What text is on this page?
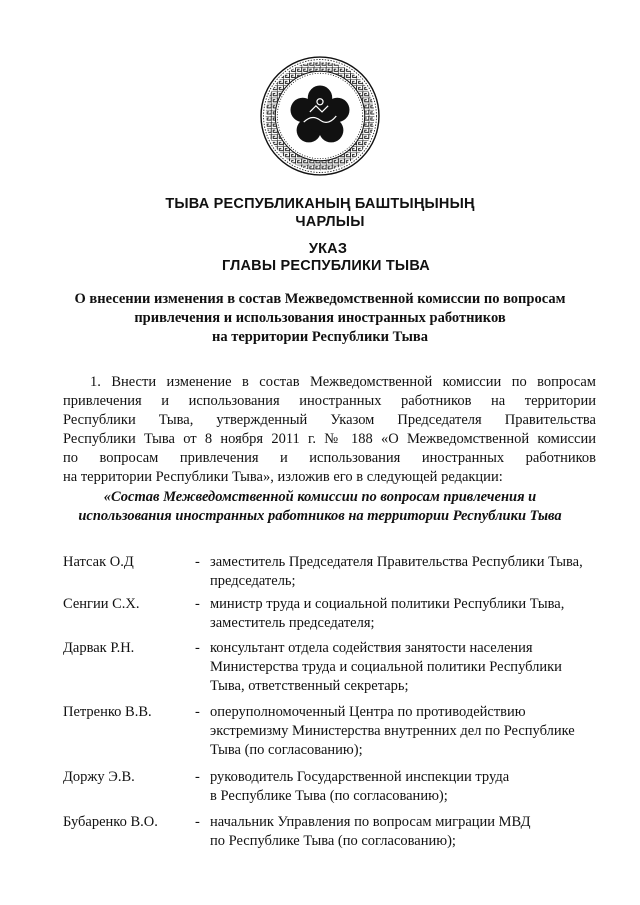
ТЫВА РЕСПУБЛИКАНЫҢ БАШТЫҢЫНЫҢ
ЧАРЛЫЫ
УКАЗ
ГЛАВЫ РЕСПУБЛИКИ ТЫВА
О внесении изменения в состав Межведомственной комиссии по вопросам
привлечения и использования иностранных работников
на территории Республики Тыва
1. Внести изменение в состав Межведомственной комиссии по вопросам
привлечения и использования иностранных работников на территории
Республики Тыва, утвержденный Указом Председателя Правительства
Республики Тыва от 8 ноября 2011 г. № 188 «О Межведомственной комиссии
по вопросам привлечения и использования иностранных работников
на территории Республики Тыва», изложив его в следующей редакции:
«Состав Межведомственной комиссии по вопросам привлечения и
использования иностранных работников на территории Республики Тыва
Натсак О.Д	- заместитель Председателя Правительства Республики Тыва,
председатель;
Сенгии С.Х.	- министр труда и социальной политики Республики Тыва,
заместитель председателя;
Дарвак Р.Н.	- консультант отдела содействия занятости населения
Министерства труда и социальной политики Республики
Тыва, ответственный секретарь;
Петренко В.В.	- оперуполномоченный Центра по противодействию
экстремизму Министерства внутренних дел по Республике
Тыва (по согласованию);
Доржу Э.В.	- руководитель Государственной инспекции труда
в Республике Тыва (по согласованию);
Бубаренко В.О.	- начальник Управления по вопросам миграции МВД
по Республике Тыва (по согласованию);
